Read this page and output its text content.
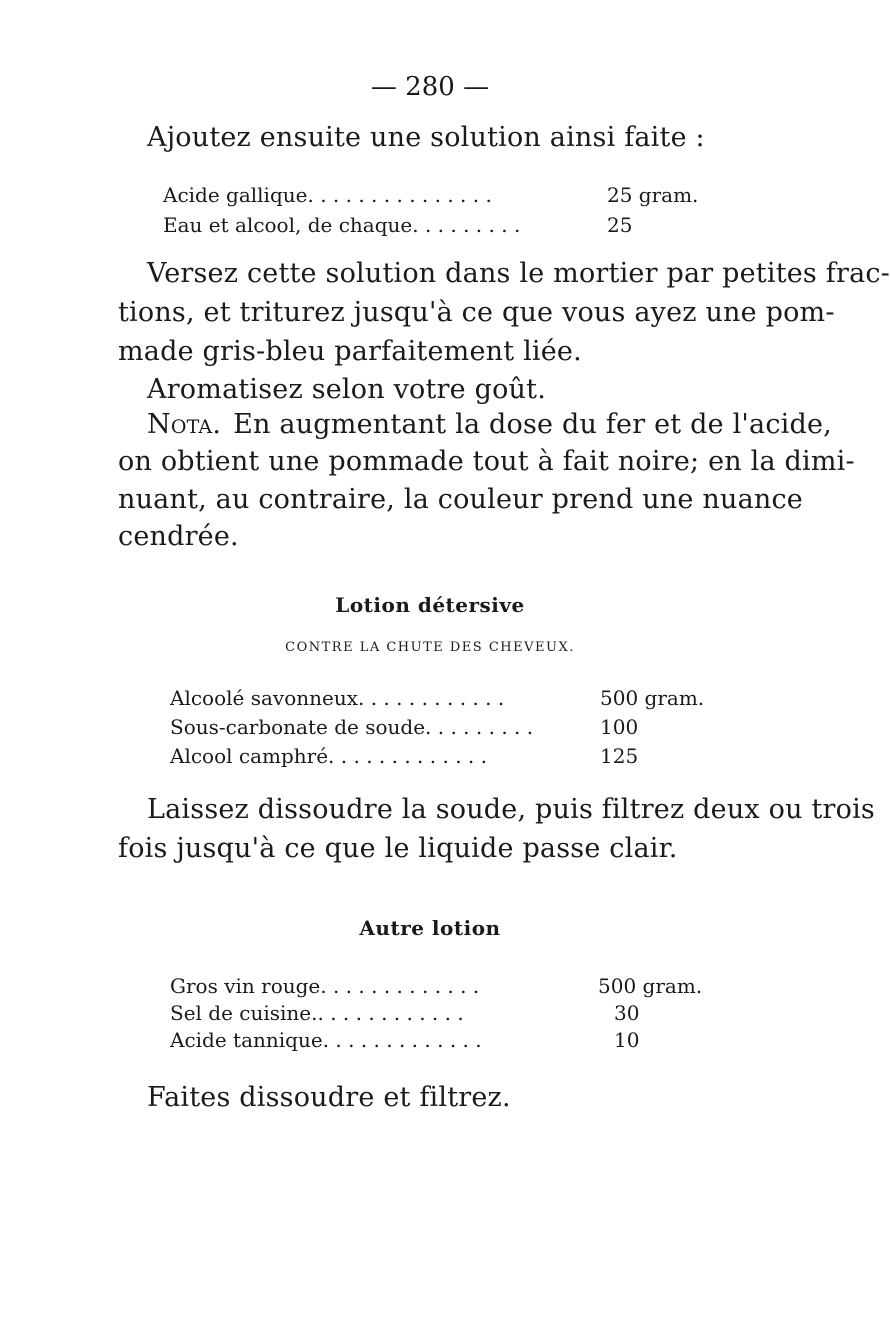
— 280 —
Ajoutez ensuite une solution ainsi faite :
Acide gallique. . . . . . . . . . . . . . .	25 gram.
Eau et alcool, de chaque. . . . . . . . .	25
Versez cette solution dans le mortier par petites frac-
tions, et triturez jusqu'à ce que vous ayez une pom-
made gris-bleu parfaitement liée.
Aromatisez selon votre goût.
Nota. En augmentant la dose du fer et de l'acide,
on obtient une pommade tout à fait noire; en la dimi-
nuant, au contraire, la couleur prend une nuance
cendrée.
Lotion détersive
CONTRE LA CHUTE DES CHEVEUX.
Alcoolé savonneux. . . . . . . . . . . .	500 gram.
Sous-carbonate de soude. . . . . . . . .	100
Alcool camphré. . . . . . . . . . . . .	125
Laissez dissoudre la soude, puis filtrez deux ou trois
fois jusqu'à ce que le liquide passe clair.
Autre lotion
Gros vin rouge. . . . . . . . . . . . .	500 gram.
Sel de cuisine.. . . . . . . . . . . .	30
Acide tannique. . . . . . . . . . . . .	10
Faites dissoudre et filtrez.
